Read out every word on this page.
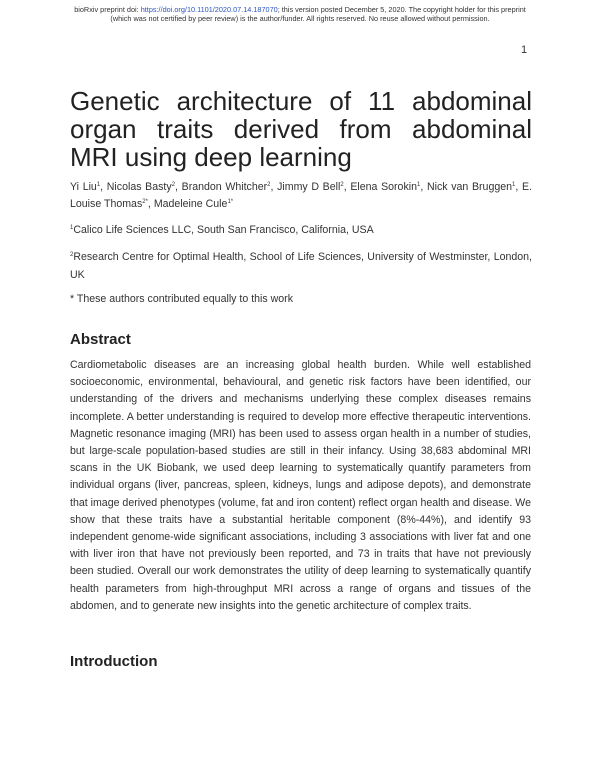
bioRxiv preprint doi: https://doi.org/10.1101/2020.07.14.187070; this version posted December 5, 2020. The copyright holder for this preprint
(which was not certified by peer review) is the author/funder. All rights reserved. No reuse allowed without permission.
1
Genetic architecture of 11 abdominal organ traits derived from abdominal MRI using deep learning

Yi Liu$^1$, Nicolas Basty$^2$, Brandon Whitcher$^2$, Jimmy D Bell$^2$, Elena Sorokin$^1$, Nick van Bruggen$^1$, E. Louise Thomas$^{2*}$, Madeleine Cule$^{1*}$

$^1$Calico Life Sciences LLC, South San Francisco, California, USA

$^2$Research Centre for Optimal Health, School of Life Sciences, University of Westminster, London, UK

* These authors contributed equally to this work

Abstract

Cardiometabolic diseases are an increasing global health burden. While well established socioeconomic, environmental, behavioural, and genetic risk factors have been identified, our understanding of the drivers and mechanisms underlying these complex diseases remains incomplete. A better understanding is required to develop more effective therapeutic interventions. Magnetic resonance imaging (MRI) has been used to assess organ health in a number of studies, but large-scale population-based studies are still in their infancy. Using 38,683 abdominal MRI scans in the UK Biobank, we used deep learning to systematically quantify parameters from individual organs (liver, pancreas, spleen, kidneys, lungs and adipose depots), and demonstrate that image derived phenotypes (volume, fat and iron content) reflect organ health and disease. We show that these traits have a substantial heritable component (8%-44%), and identify 93 independent genome-wide significant associations, including 3 associations with liver fat and one with liver iron that have not previously been reported, and 73 in traits that have not previously been studied. Overall our work demonstrates the utility of deep learning to systematically quantify health parameters from high-throughput MRI across a range of organs and tissues of the abdomen, and to generate new insights into the genetic architecture of complex traits.

Introduction
